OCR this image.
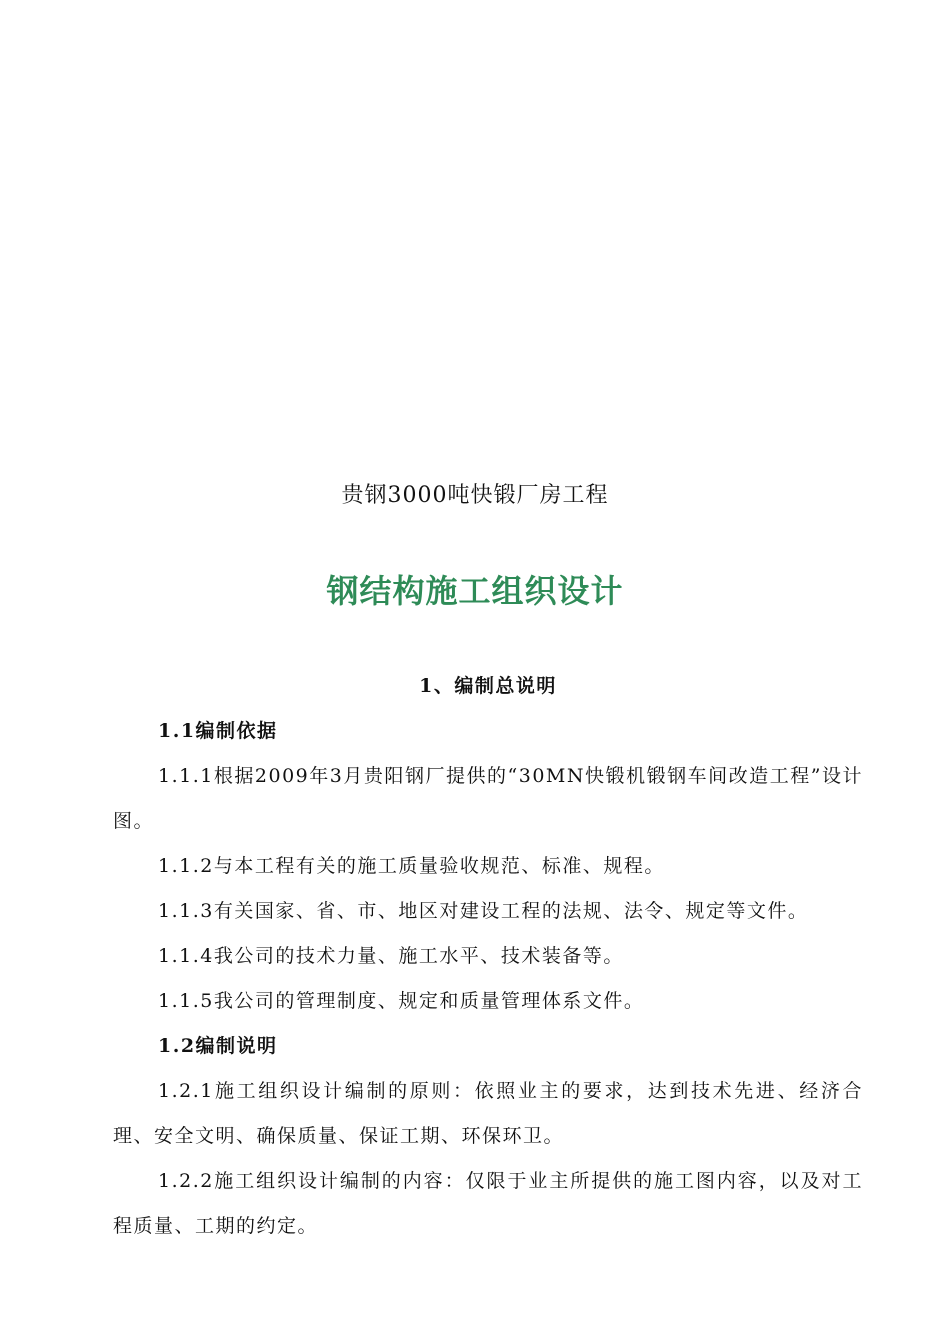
贵钢3000吨快锻厂房工程
钢结构施工组织设计

1、编制总说明

1.1编制依据

1.1.1根据2009年3月贵阳钢厂提供的“30MN快锻机锻钢车间改造工程”设计图。

1.1.2与本工程有关的施工质量验收规范、标准、规程。

1.1.3有关国家、省、市、地区对建设工程的法规、法令、规定等文件。

1.1.4我公司的技术力量、施工水平、技术装备等。

1.1.5我公司的管理制度、规定和质量管理体系文件。

1.2编制说明

1.2.1施工组织设计编制的原则：依照业主的要求，达到技术先进、经济合理、安全文明、确保质量、保证工期、环保环卫。

1.2.2施工组织设计编制的内容：仅限于业主所提供的施工图内容，以及对工程质量、工期的约定。
